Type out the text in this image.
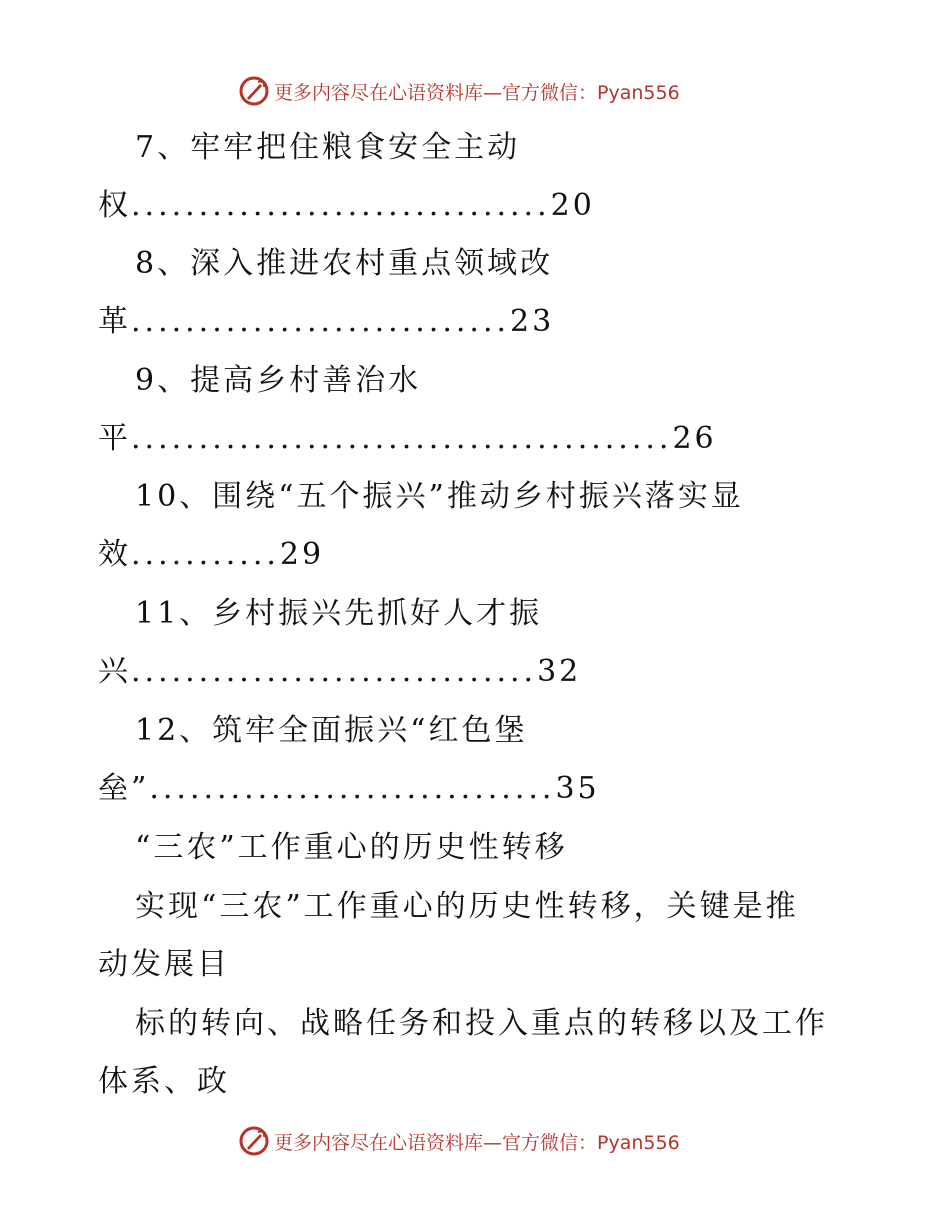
更多内容尽在心语资料库—官方微信：Pyan556
7、牢牢把住粮食安全主动
权...............................20
8、深入推进农村重点领域改
革............................23
9、提高乡村善治水
平........................................26
10、围绕“五个振兴”推动乡村振兴落实显
效...........29
11、乡村振兴先抓好人才振
兴..............................32
12、筑牢全面振兴“红色堡
垒”..............................35
“三农”工作重心的历史性转移
实现“三农”工作重心的历史性转移，关键是推
动发展目
标的转向、战略任务和投入重点的转移以及工作
体系、政
更多内容尽在心语资料库—官方微信：Pyan556
